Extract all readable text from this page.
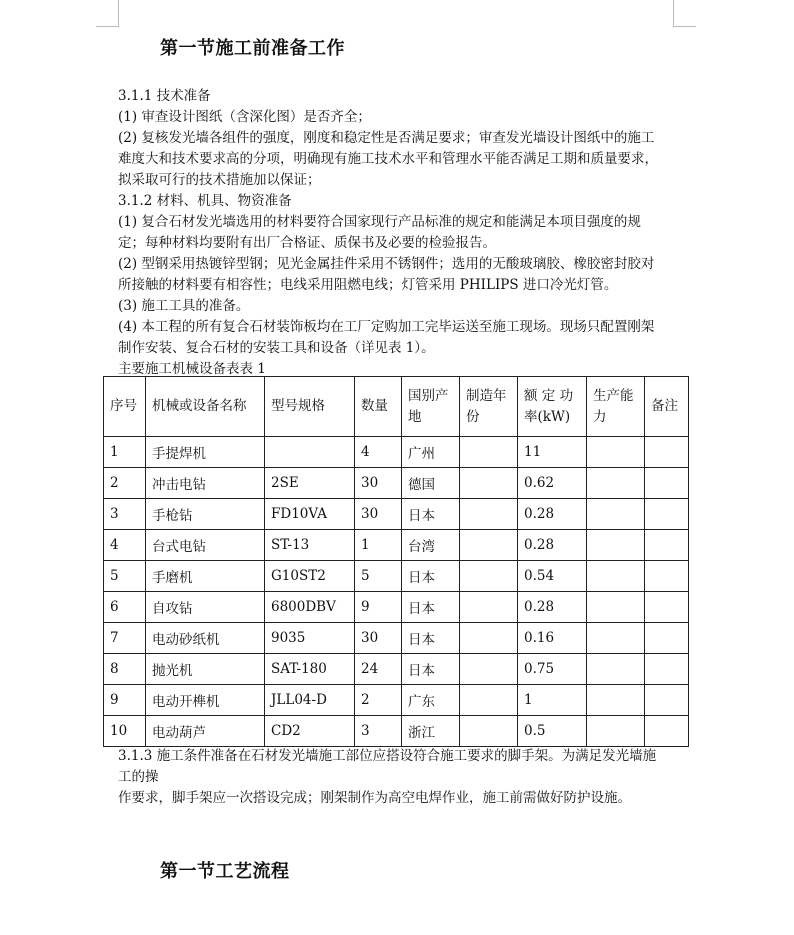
第一节施工前准备工作
3.1.1 技术准备
(1) 审查设计图纸（含深化图）是否齐全；
(2) 复核发光墙各组件的强度，刚度和稳定性是否满足要求；审查发光墙设计图纸中的施工
难度大和技术要求高的分项，明确现有施工技术水平和管理水平能否满足工期和质量要求，
拟采取可行的技术措施加以保证；
3.1.2 材料、机具、物资准备
(1) 复合石材发光墙选用的材料要符合国家现行产品标准的规定和能满足本项目强度的规
定；每种材料均要附有出厂合格证、质保书及必要的检验报告。
(2) 型钢采用热镀锌型钢；见光金属挂件采用不锈钢件；选用的无酸玻璃胶、橡胶密封胶对
所接触的材料要有相容性；电线采用阻燃电线；灯管采用 PHILIPS 进口冷光灯管。
(3) 施工工具的准备。
(4) 本工程的所有复合石材装饰板均在工厂定购加工完毕运送至施工现场。现场只配置刚架
制作安装、复合石材的安装工具和设备（详见表 1）。
主要施工机械设备表表 1
序号	机械或设备名称	型号规格	数量	国别产地	制造年份	额 定 功率(kW)	生产能力	备注
1	手提焊机		4	广州		11		
2	冲击电钻	2SE	30	德国		0.62		
3	手枪钻	FD10VA	30	日本		0.28		
4	台式电钻	ST-13	1	台湾		0.28		
5	手磨机	G10ST2	5	日本		0.54		
6	自攻钻	6800DBV	9	日本		0.28		
7	电动砂纸机	9035	30	日本		0.16		
8	抛光机	SAT-180	24	日本		0.75		
9	电动开榫机	JLL04-D	2	广东		1		
10	电动葫芦	CD2	3	浙江		0.5		
3.1.3 施工条件准备在石材发光墙施工部位应搭设符合施工要求的脚手架。为满足发光墙施
工的操
作要求，脚手架应一次搭设完成；刚架制作为高空电焊作业，施工前需做好防护设施。
第一节工艺流程
